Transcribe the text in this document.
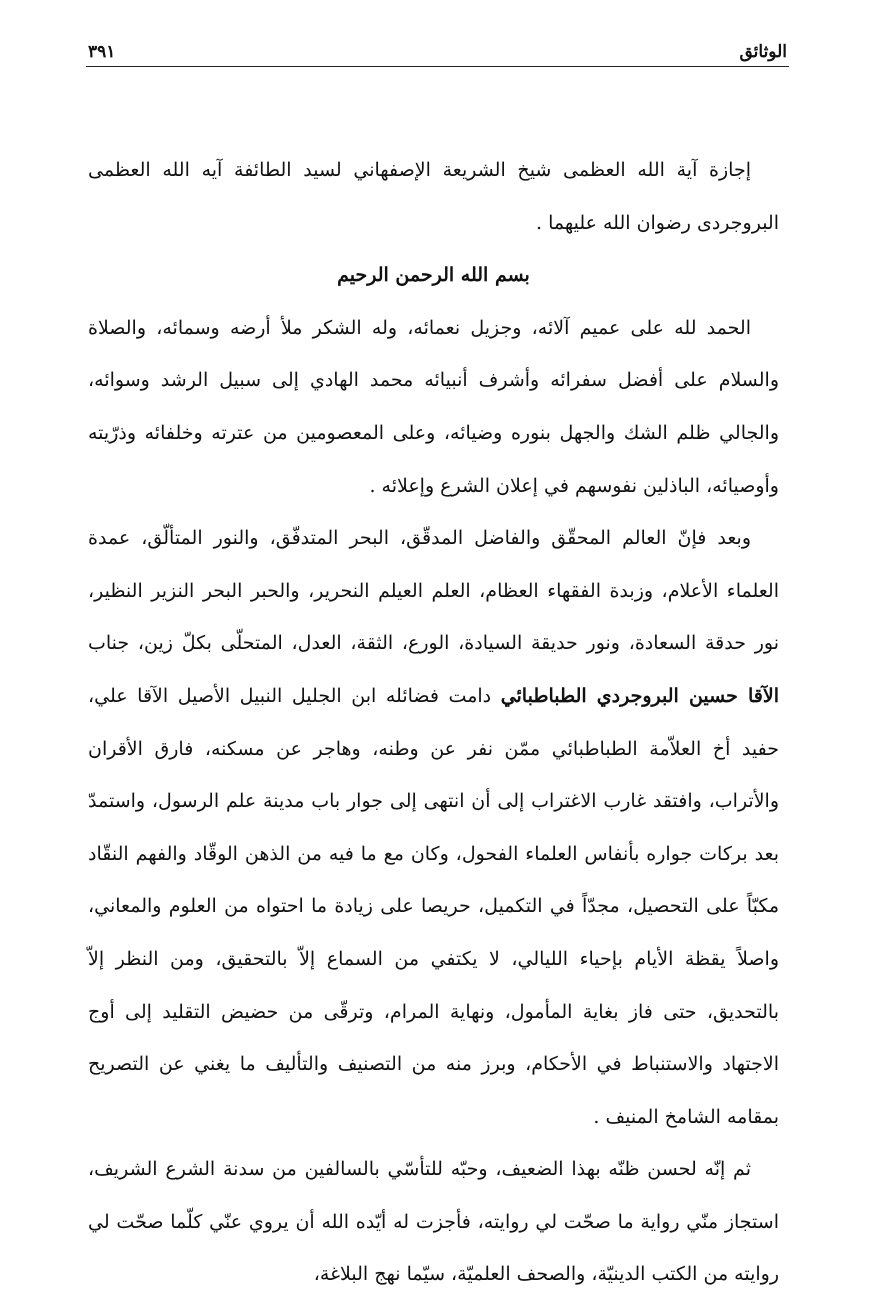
الوثائق
٣٩١

إجازة آية الله العظمى شيخ الشريعة الإصفهاني لسيد الطائفة آيه الله العظمى البروجردى رضوان الله عليهما .

بسم الله الرحمن الرحيم

الحمد لله على عميم آلائه، وجزيل نعمائه، وله الشكر ملأ أرضه وسمائه، والصلاة والسلام على أفضل سفرائه وأشرف أنبيائه محمد الهادي إلى سبيل الرشد وسوائه، والجالي ظلم الشك والجهل بنوره وضيائه، وعلى المعصومين من عترته وخلفائه وذرّيته وأوصيائه، الباذلين نفوسهم في إعلان الشرع وإعلائه .

وبعد فإنّ العالم المحقّق والفاضل المدقّق، البحر المتدفّق، والنور المتألّق، عمدة العلماء الأعلام، وزبدة الفقهاء العظام، العلم العيلم النحرير، والحبر البحر النزير النظير، نور حدقة السعادة، ونور حديقة السيادة، الورع، الثقة، العدل، المتحلّى بكلّ زين، جناب الآقا حسين البروجردي الطباطبائي دامت فضائله ابن الجليل النبيل الأصيل الآقا علي، حفيد أخ العلاّمة الطباطبائي ممّن نفر عن وطنه، وهاجر عن مسكنه، فارق الأقران والأتراب، وافتقد غارب الاغتراب إلى أن انتهى إلى جوار باب مدينة علم الرسول، واستمدّ بعد بركات جواره بأنفاس العلماء الفحول، وكان مع ما فيه من الذهن الوقّاد والفهم النقّاد مكبّاً على التحصيل، مجدّاً في التكميل، حريصا على زيادة ما احتواه من العلوم والمعاني، واصلاً يقظة الأيام بإحياء الليالي، لا يكتفي من السماع إلاّ بالتحقيق، ومن النظر إلاّ بالتحديق، حتى فاز بغاية المأمول، ونهاية المرام، وترقّى من حضيض التقليد إلى أوج الاجتهاد والاستنباط في الأحكام، وبرز منه من التصنيف والتأليف ما يغني عن التصريح بمقامه الشامخ المنيف .

ثم إنّه لحسن ظنّه بهذا الضعيف، وحبّه للتأسّي بالسالفين من سدنة الشرع الشريف، استجاز منّي رواية ما صحّت لي روايته، فأجزت له أيّده الله أن يروي عنّي كلّما صحّت لي روايته من الكتب الدينيّة، والصحف العلميّة، سيّما نهج البلاغة،
